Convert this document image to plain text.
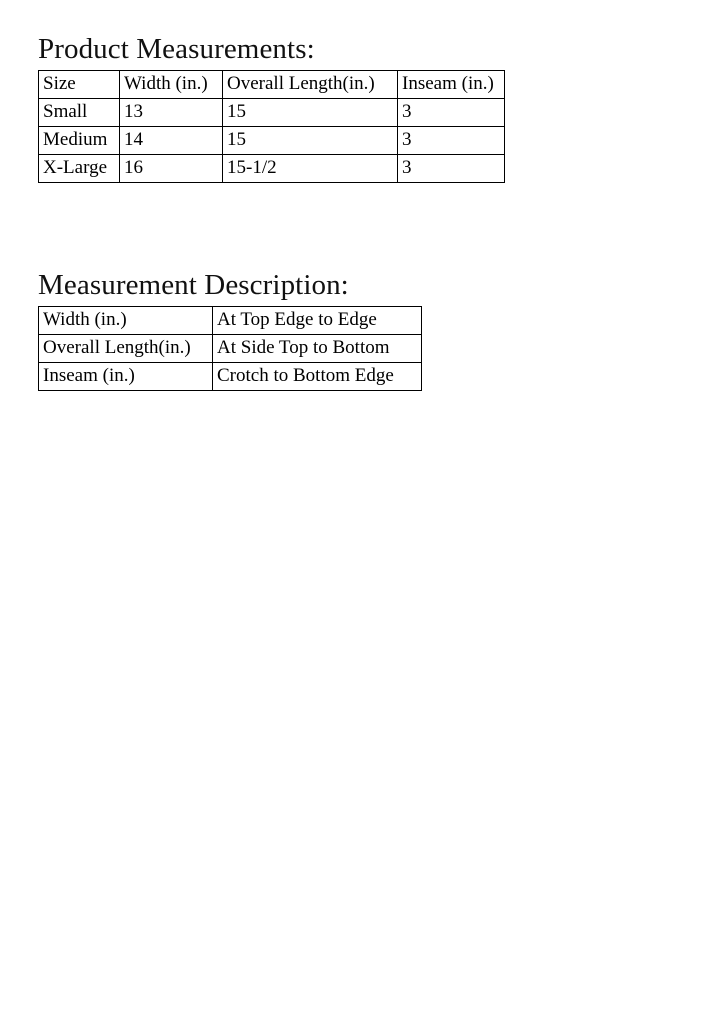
Product Measurements:
Size	Width (in.)	Overall Length(in.)	Inseam (in.)
Small	13	15	3
Medium	14	15	3
X-Large	16	15-1/2	3
Measurement Description:
Width (in.)	At Top Edge to Edge
Overall Length(in.)	At Side Top to Bottom
Inseam (in.)	Crotch to Bottom Edge
